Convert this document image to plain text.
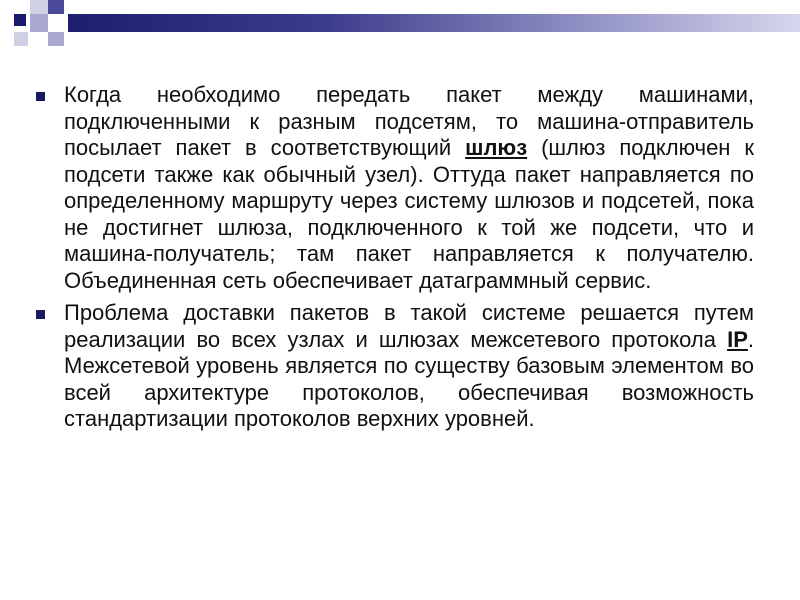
Когда необходимо передать пакет между машинами, подключенными к разным подсетям, то машина-отправитель посылает пакет в соответствующий шлюз (шлюз подключен к подсети также как обычный узел). Оттуда пакет направляется по определенному маршруту через систему шлюзов и подсетей, пока не достигнет шлюза, подключенного к той же подсети, что и машина-получатель; там пакет направляется к получателю. Объединенная сеть обеспечивает датаграммный сервис.

Проблема доставки пакетов в такой системе решается путем реализации во всех узлах и шлюзах межсетевого протокола IP. Межсетевой уровень является по существу базовым элементом во всей архитектуре протоколов, обеспечивая возможность стандартизации протоколов верхних уровней.
